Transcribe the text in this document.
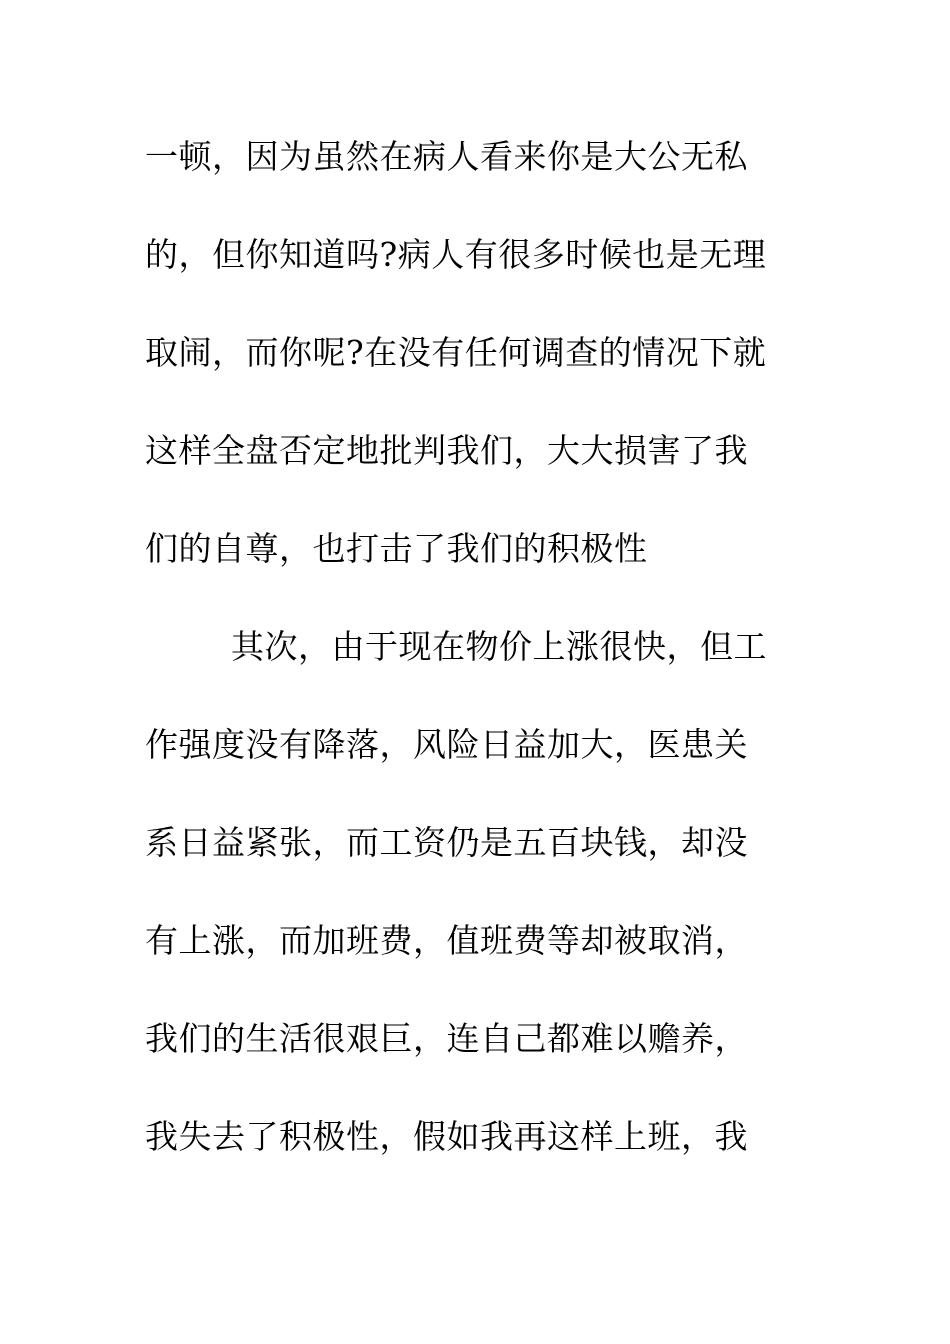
一顿，因为虽然在病人看来你是大公无私
的，但你知道吗?病人有很多时候也是无理
取闹，而你呢?在没有任何调查的情况下就
这样全盘否定地批判我们，大大损害了我
们的自尊，也打击了我们的积极性
其次，由于现在物价上涨很快，但工
作强度没有降落，风险日益加大，医患关
系日益紧张，而工资仍是五百块钱，却没
有上涨，而加班费，值班费等却被取消，
我们的生活很艰巨，连自己都难以赡养，
我失去了积极性，假如我再这样上班，我
